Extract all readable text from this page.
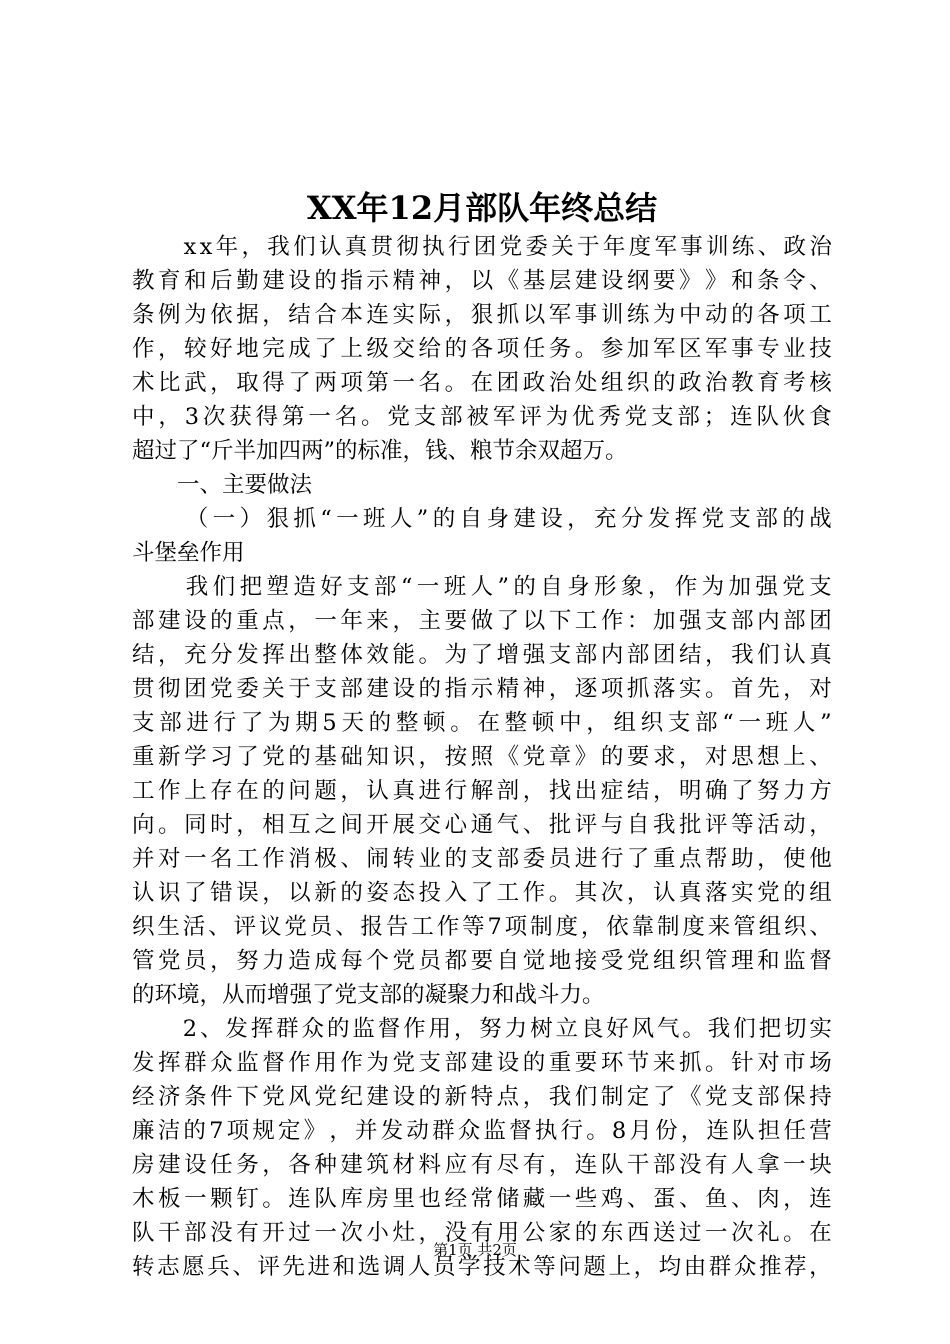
XX年12月部队年终总结

x x 年 ， 我 们 认 真 贯 彻 执 行 团 党 委 关 于 年 度 军 事 训 练 、 政 治
教 育 和 后 勤 建 设 的 指 示 精 神 ， 以 《 基 层 建 设 纲 要 》 》 和 条 令 、
条 例 为 依 据 ， 结 合 本 连 实 际 ， 狠 抓 以 军 事 训 练 为 中 动 的 各 项 工
作 ， 较 好 地 完 成 了 上 级 交 给 的 各 项 任 务 。 参 加 军 区 军 事 专 业 技
术 比 武 ， 取 得 了 两 项 第 一 名 。 在 团 政 治 处 组 织 的 政 治 教 育 考 核
中 ， 3 次 获 得 第 一 名 。 党 支 部 被 军 评 为 优 秀 党 支 部 ； 连 队 伙 食
超过了“斤半加四两”的标准，钱、粮节余双超万。
　　一、主要做法

（ 一 ） 狠 抓 “ 一 班 人 ” 的 自 身 建 设 ， 充 分 发 挥 党 支 部 的 战
斗堡垒作用

我 们 把 塑 造 好 支 部 “ 一 班 人 ” 的 自 身 形 象 ， 作 为 加 强 党 支
部 建 设 的 重 点 ， 一 年 来 ， 主 要 做 了 以 下 工 作 ： 加 强 支 部 内 部 团
结 ， 充 分 发 挥 出 整 体 效 能 。 为 了 增 强 支 部 内 部 团 结 ， 我 们 认 真
贯 彻 团 党 委 关 于 支 部 建 设 的 指 示 精 神 ， 逐 项 抓 落 实 。 首 先 ， 对
支 部 进 行 了 为 期 5 天 的 整 顿 。 在 整 顿 中 ， 组 织 支 部 “ 一 班 人 ”
重 新 学 习 了 党 的 基 础 知 识 ， 按 照 《 党 章 》 的 要 求 ， 对 思 想 上 、
工 作 上 存 在 的 问 题 ， 认 真 进 行 解 剖 ， 找 出 症 结 ， 明 确 了 努 力 方
向 。 同 时 ， 相 互 之 间 开 展 交 心 通 气 、 批 评 与 自 我 批 评 等 活 动 ，
并 对 一 名 工 作 消 极 、 闹 转 业 的 支 部 委 员 进 行 了 重 点 帮 助 ， 使 他
认 识 了 错 误 ， 以 新 的 姿 态 投 入 了 工 作 。 其 次 ， 认 真 落 实 党 的 组
织 生 活 、 评 议 党 员 、 报 告 工 作 等 7 项 制 度 ， 依 靠 制 度 来 管 组 织 、
管 党 员 ， 努 力 造 成 每 个 党 员 都 要 自 觉 地 接 受 党 组 织 管 理 和 监 督
的环境，从而增强了党支部的凝聚力和战斗力。

2 、 发 挥 群 众 的 监 督 作 用 ， 努 力 树 立 良 好 风 气 。 我 们 把 切 实
发 挥 群 众 监 督 作 用 作 为 党 支 部 建 设 的 重 要 环 节 来 抓 。 针 对 市 场
经 济 条 件 下 党 风 党 纪 建 设 的 新 特 点 ， 我 们 制 定 了 《 党 支 部 保 持
廉 洁 的 7 项 规 定 》 ， 并 发 动 群 众 监 督 执 行 。 8 月 份 ， 连 队 担 任 营
房 建 设 任 务 ， 各 种 建 筑 材 料 应 有 尽 有 ， 连 队 干 部 没 有 人 拿 一 块
木 板 一 颗 钉 。 连 队 库 房 里 也 经 常 储 藏 一 些 鸡 、 蛋 、 鱼 、 肉 ， 连
队 干 部 没 有 开 过 一 次 小 灶 ， 没 有 用 公 家 的 东 西 送 过 一 次 礼 。 在
转 志 愿 兵 、 评 先 进 和 选 调 人 员 学 技 术 等 问 题 上 ， 均 由 群 众 推 荐 ，
第1页 共2页
